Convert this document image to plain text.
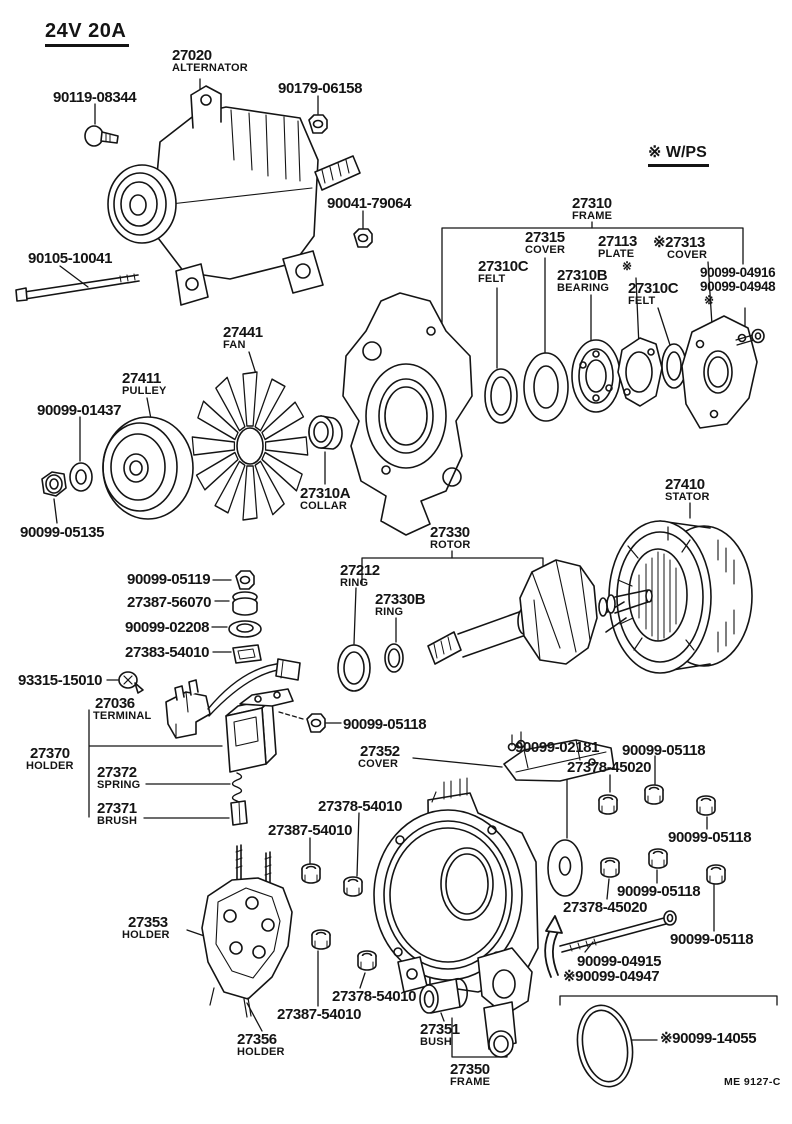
24V 20A
※ W/PS
ME 9127-C
27020
ALTERNATOR
90119-08344
90179-06158
90041-79064
90105-10041
27310
FRAME
27315
COVER 27113
PLATE
※
※27313
COVER
27310C
FELT	27310B
BEARING 27310C
FELT
90099-04916
90099-04948
※
27441
FAN
27411
PULLEY
90099-01437
90099-05135
27310A
COLLAR
27410
STATOR
27330
ROTOR
27212
RING
27330B
RING
90099-05119
27387-56070
90099-02208
27383-54010
93315-15010
27036
TERMINAL
27370
HOLDER 27372
SPRING
27371
BRUSH
90099-05118
27352
COVER
90099-02181 90099-05118
27378-45020
90099-05118
27378-54010
27387-54010
90099-05118
27378-45020
90099-05118
90099-04915
※90099-04947
27353
HOLDER
27378-54010
27387-54010
27356
HOLDER
27351
BUSH
27350
FRAME
※90099-14055
